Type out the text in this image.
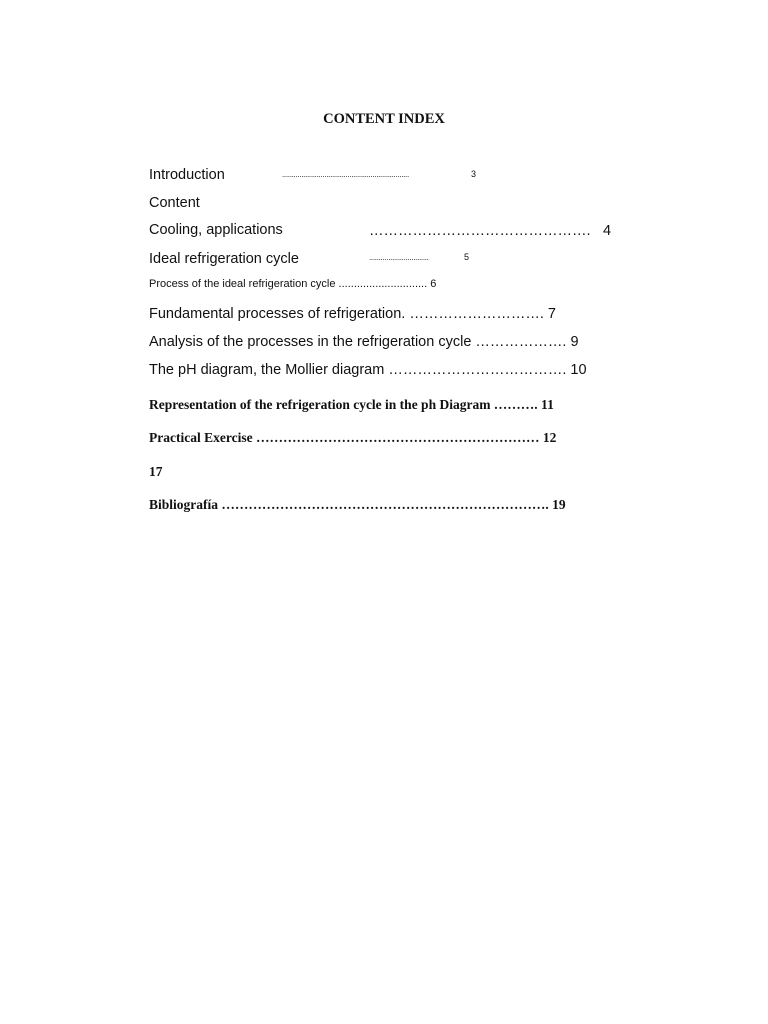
CONTENT INDEX
Introduction	..................................................................	3
Content
Cooling, applications	………………………………………. 4
Ideal refrigeration cycle	...............................	5
Process of the ideal refrigeration cycle ............................. 6
Fundamental processes of refrigeration. ………………………. 7
Analysis of the processes in the refrigeration cycle ………………. 9
The pH diagram, the Mollier diagram ………………………………. 10
Representation of the refrigeration cycle in the ph Diagram ………. 11
Practical Exercise ……………………………………………………… 12
17
Bibliografía ………………………………………………………………. 19
